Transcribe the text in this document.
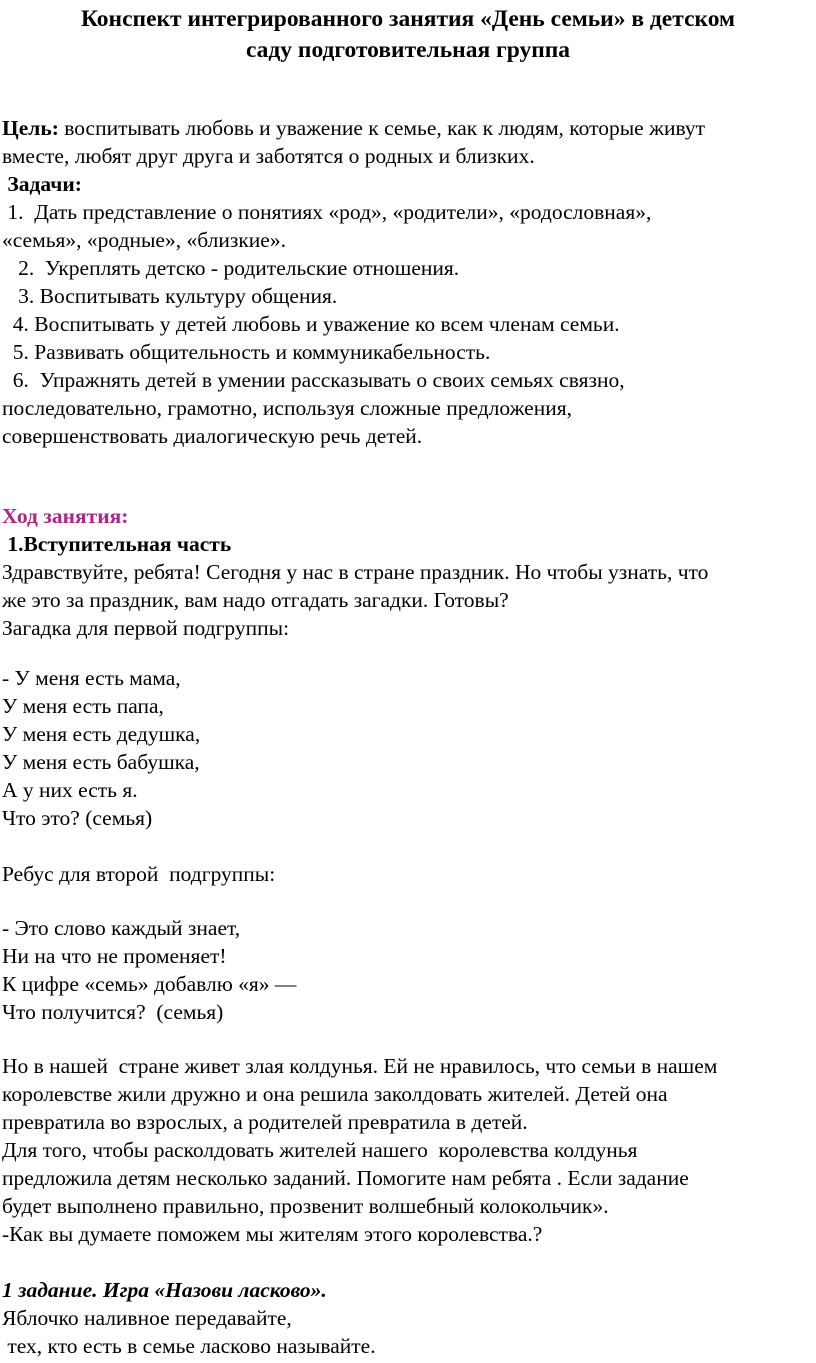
Конспект интегрированного занятия «День семьи» в детском

саду подготовительная группа

Цель: воспитывать любовь и уважение к семье, как к людям, которые живут

вместе, любят друг друга и заботятся о родных и близких.

Задачи:

1.  Дать представление о понятиях «род», «родители», «родословная»,

«семья», «родные», «близкие».

2.  Укреплять детско - родительские отношения.

3. Воспитывать культуру общения.

4. Воспитывать у детей любовь и уважение ко всем членам семьи.

5. Развивать общительность и коммуникабельность.

6.  Упражнять детей в умении рассказывать о своих семьях связно,

последовательно, грамотно, используя сложные предложения,

совершенствовать диалогическую речь детей.

Ход занятия:

1.Вступительная часть

Здравствуйте, ребята! Сегодня у нас в стране праздник. Но чтобы узнать, что

же это за праздник, вам надо отгадать загадки. Готовы?

Загадка для первой подгруппы:

- У меня есть мама,

У меня есть папа,

У меня есть дедушка,

У меня есть бабушка,

А у них есть я.

Что это? (семья)

Ребус для второй  подгруппы:

- Это слово каждый знает,

Ни на что не променяет!

К цифре «семь» добавлю «я» —

Что получится?  (семья)

Но в нашей  стране живет злая колдунья. Ей не нравилось, что семьи в нашем

королевстве жили дружно и она решила заколдовать жителей. Детей она

превратила во взрослых, а родителей превратила в детей.

Для того, чтобы расколдовать жителей нашего  королевства колдунья

предложила детям несколько заданий. Помогите нам ребята . Если задание

будет выполнено правильно, прозвенит волшебный колокольчик».

-Как вы думаете поможем мы жителям этого королевства.?

1 задание. Игра «Назови ласково».

Яблочко наливное передавайте,

тех, кто есть в семье ласково называйте.
